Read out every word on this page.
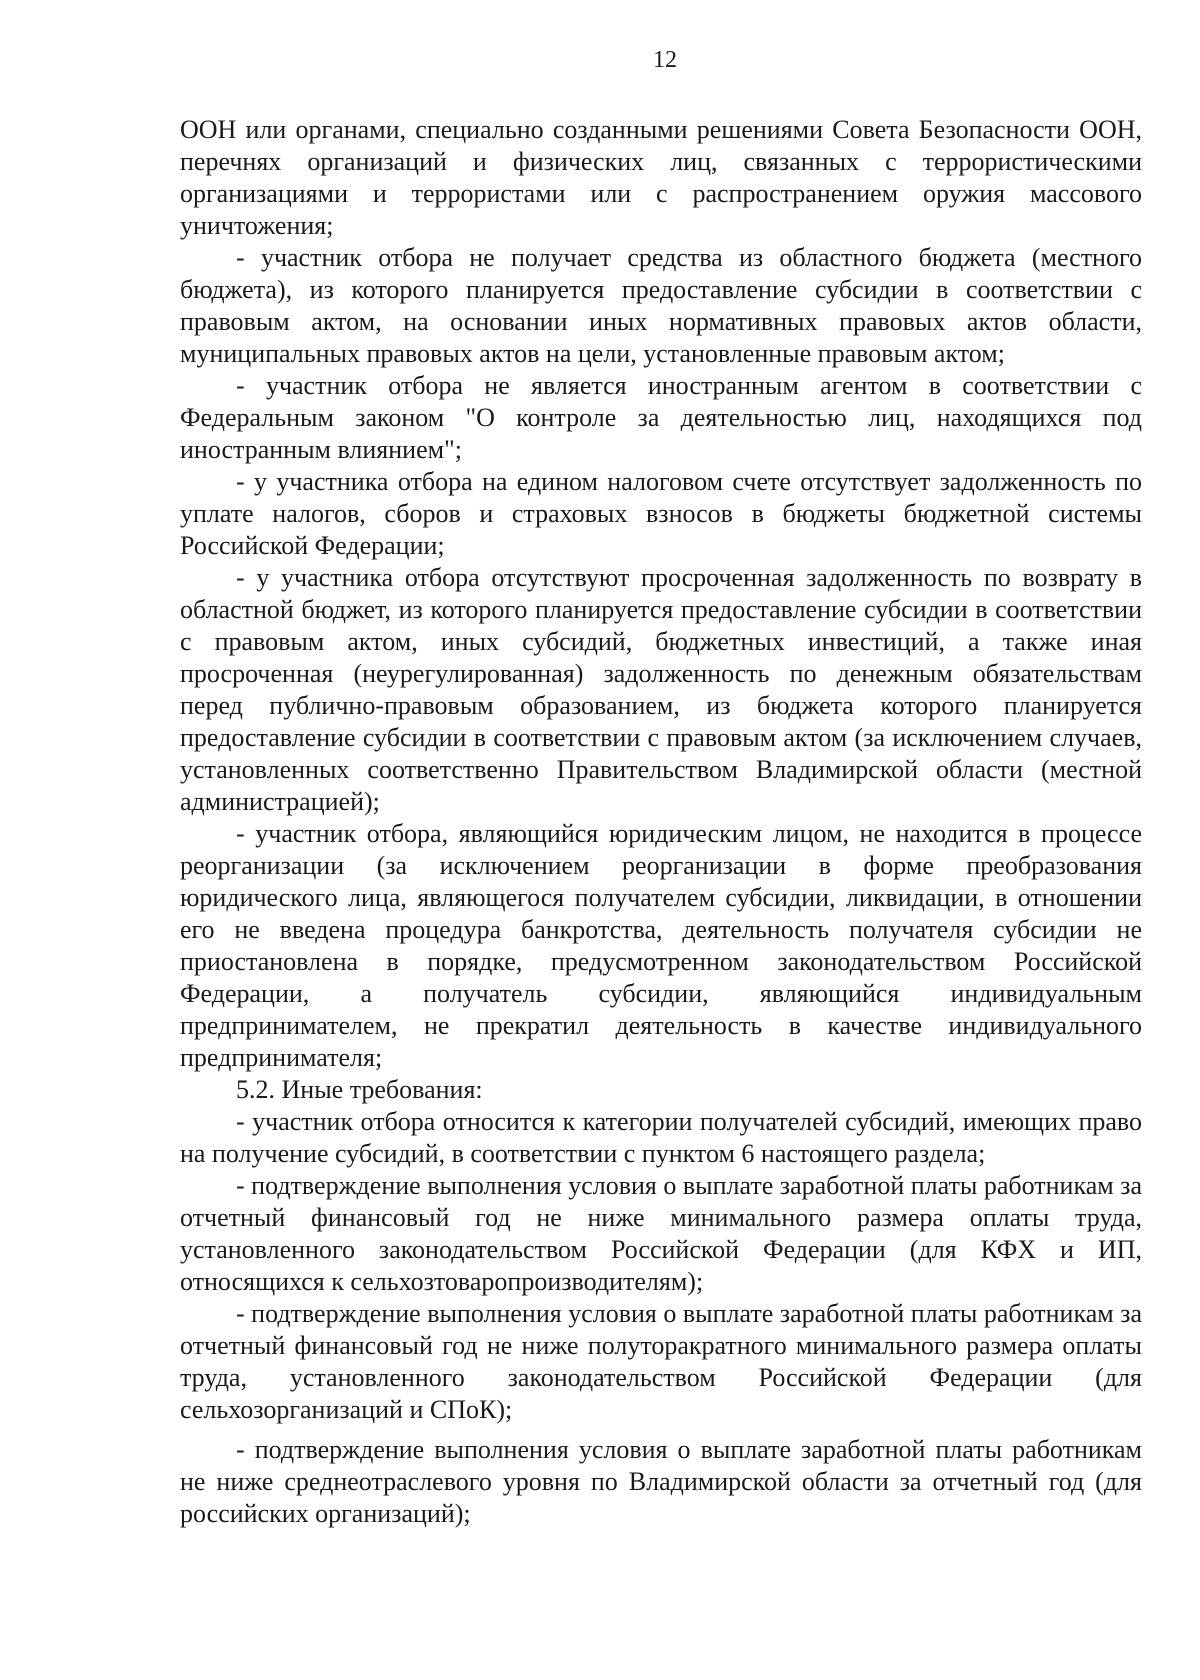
12

ООН или органами, специально созданными решениями Совета Безопасности ООН, перечнях организаций и физических лиц, связанных с террористическими организациями и террористами или с распространением оружия массового уничтожения;

- участник отбора не получает средства из областного бюджета (местного бюджета), из которого планируется предоставление субсидии в соответствии с правовым актом, на основании иных нормативных правовых актов области, муниципальных правовых актов на цели, установленные правовым актом;

- участник отбора не является иностранным агентом в соответствии с Федеральным законом "О контроле за деятельностью лиц, находящихся под иностранным влиянием";

- у участника отбора на едином налоговом счете отсутствует задолженность по уплате налогов, сборов и страховых взносов в бюджеты бюджетной системы Российской Федерации;

- у участника отбора отсутствуют просроченная задолженность по возврату в областной бюджет, из которого планируется предоставление субсидии в соответствии с правовым актом, иных субсидий, бюджетных инвестиций, а также иная просроченная (неурегулированная) задолженность по денежным обязательствам перед публично-правовым образованием, из бюджета которого планируется предоставление субсидии в соответствии с правовым актом (за исключением случаев, установленных соответственно Правительством Владимирской области (местной администрацией);

- участник отбора, являющийся юридическим лицом, не находится в процессе реорганизации (за исключением реорганизации в форме преобразования юридического лица, являющегося получателем субсидии, ликвидации, в отношении его не введена процедура банкротства, деятельность получателя субсидии не приостановлена в порядке, предусмотренном законодательством Российской Федерации, а получатель субсидии, являющийся индивидуальным предпринимателем, не прекратил деятельность в качестве индивидуального предпринимателя;

5.2. Иные требования:

- участник отбора относится к категории получателей субсидий, имеющих право на получение субсидий, в соответствии с пунктом 6 настоящего раздела;

- подтверждение выполнения условия о выплате заработной платы работникам за отчетный финансовый год не ниже минимального размера оплаты труда, установленного законодательством Российской Федерации (для КФХ и ИП, относящихся к сельхозтоваропроизводителям);

- подтверждение выполнения условия о выплате заработной платы работникам за отчетный финансовый год не ниже полуторакратного минимального размера оплаты труда, установленного законодательством Российской Федерации (для сельхозорганизаций и СПоК);

- подтверждение выполнения условия о выплате заработной платы работникам не ниже среднеотраслевого уровня по Владимирской области за отчетный год (для российских организаций);
